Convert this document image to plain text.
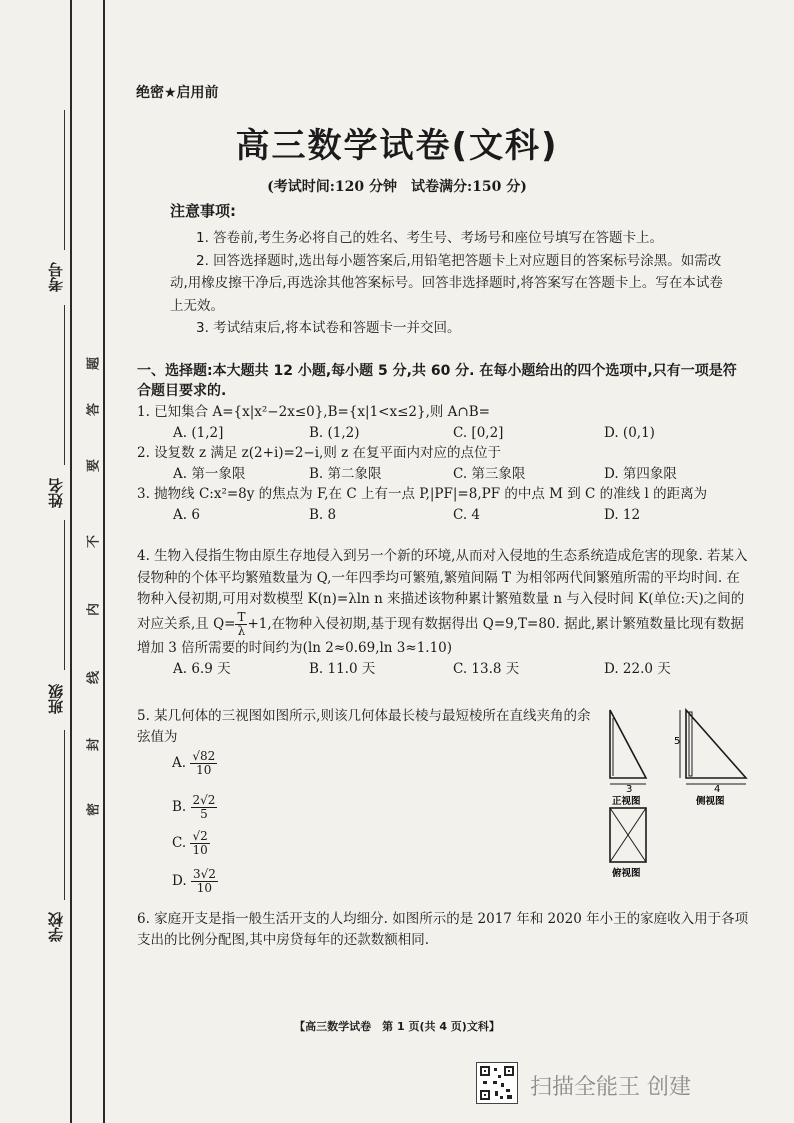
考号
姓名
班级
学校
密
封
线
内
不
要
答
题
绝密★启用前
高三数学试卷(文科)
(考试时间:120 分钟　试卷满分:150 分)
注意事项:

1. 答卷前,考生务必将自己的姓名、考生号、考场号和座位号填写在答题卡上。

2. 回答选择题时,选出每小题答案后,用铅笔把答题卡上对应题目的答案标号涂黑。如需改动,用橡皮擦干净后,再选涂其他答案标号。回答非选择题时,将答案写在答题卡上。写在本试卷上无效。

3. 考试结束后,将本试卷和答题卡一并交回。

一、选择题:本大题共 12 小题,每小题 5 分,共 60 分. 在每小题给出的四个选项中,只有一项是符合题目要求的.

1. 已知集合 A={x|x²−2x≤0},B={x|1<x≤2},则 A∩B=

A. (1,2]	B. (1,2)	C. [0,2]	D. (0,1)

2. 设复数 z 满足 z(2+i)=2−i,则 z 在复平面内对应的点位于

A. 第一象限	B. 第二象限	C. 第三象限	D. 第四象限

3. 抛物线 C:x²=8y 的焦点为 F,在 C 上有一点 P,|PF|=8,PF 的中点 M 到 C 的准线 l 的距离为

A. 6	B. 8	C. 4	D. 12

4. 生物入侵指生物由原生存地侵入到另一个新的环境,从而对入侵地的生态系统造成危害的现象. 若某入侵物种的个体平均繁殖数量为 Q,一年四季均可繁殖,繁殖间隔 T 为相邻两代间繁殖所需的平均时间. 在物种入侵初期,可用对数模型 K(n)=λln n 来描述该物种累计繁殖数量 n 与入侵时间 K(单位:天)之间的对应关系,且 $Q= \frac{T}{\lambda} +1$,在物种入侵初期,基于现有数据得出 Q=9,T=80. 据此,累计繁殖数量比现有数据增加 3 倍所需要的时间约为(ln 2≈0.69,ln 3≈1.10)

A. 6.9 天	B. 11.0 天	C. 13.8 天	D. 22.0 天

5. 某几何体的三视图如图所示,则该几何体最长棱与最短棱所在直线夹角的余弦值为

A. $\frac{√82}{10}$
B. $\frac{2√2}{5}$
C. $\frac{√2}{10}$
D. $\frac{3√2}{10}$
3
正视图
5
4
侧视图
俯视图

6. 家庭开支是指一般生活开支的人均细分. 如图所示的是 2017 年和 2020 年小王的家庭收入用于各项支出的比例分配图,其中房贷每年的还款数额相同.

【高三数学试卷　第 1 页(共 4 页)文科】
扫描全能王 创建
